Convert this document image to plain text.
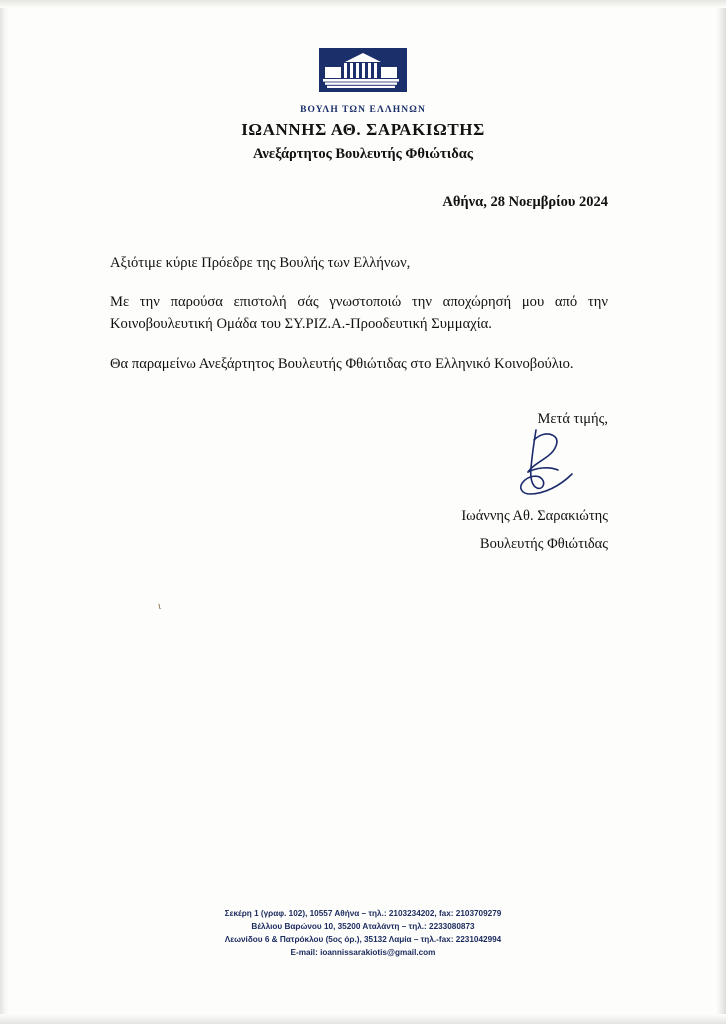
ΒΟΥΛΗ ΤΩΝ ΕΛΛΗΝΩΝ
ΙΩΑΝΝΗΣ ΑΘ. ΣΑΡΑΚΙΩΤΗΣ
Ανεξάρτητος Βουλευτής Φθιώτιδας
Αθήνα, 28 Νοεμβρίου 2024

Αξιότιμε κύριε Πρόεδρε της Βουλής των Ελλήνων,

Με την παρούσα επιστολή σάς γνωστοποιώ την αποχώρησή μου από την Κοινοβουλευτική Ομάδα του ΣΥ.ΡΙΖ.Α.-Προοδευτική Συμμαχία.

Θα παραμείνω Ανεξάρτητος Βουλευτής Φθιώτιδας στο Ελληνικό Κοινοβούλιο.

Μετά τιμής,
Ιωάννης Αθ. Σαρακιώτης
Βουλευτής Φθιώτιδας
ι
Σεκέρη 1 (γραφ. 102), 10557 Αθήνα – τηλ.: 2103234202, fax: 2103709279
Βέλλιου Βαρώνου 10, 35200 Αταλάντη – τηλ.: 2233080873
Λεωνίδου 6 & Πατρόκλου (5ος όρ.), 35132 Λαμία – τηλ.-fax: 2231042994
E-mail: ioannissarakiotis@gmail.com
